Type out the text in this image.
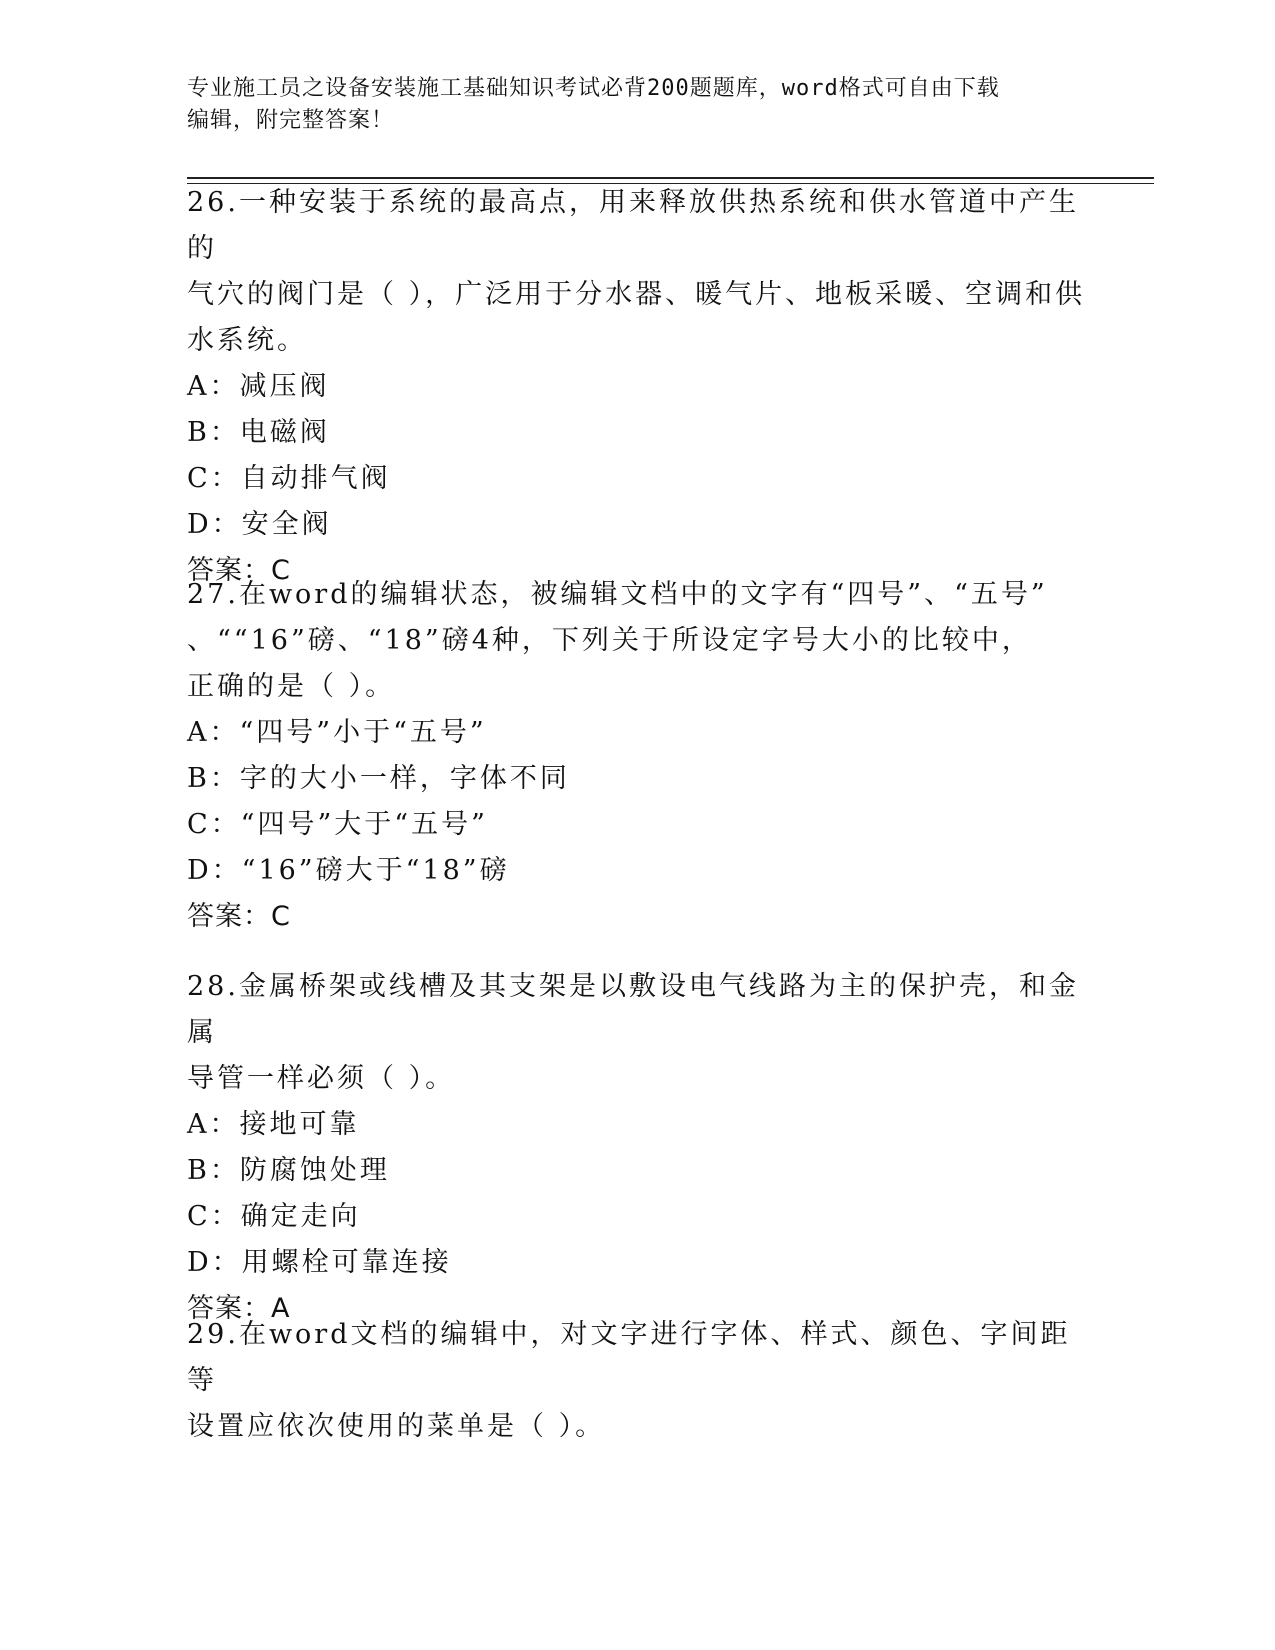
专业施工员之设备安装施工基础知识考试必背200题题库，word格式可自由下载
编辑，附完整答案！

26.一种安装于系统的最高点，用来释放供热系统和供水管道中产生的

气穴的阀门是（ ），广泛用于分水器、暖气片、地板采暖、空调和供

水系统。

A：减压阀

B：电磁阀

C：自动排气阀

D：安全阀

答案：C

27.在word的编辑状态，被编辑文档中的文字有“四号”、“五号”

、““16”磅、“18”磅4种，下列关于所设定字号大小的比较中，

正确的是（ ）。

A：“四号”小于“五号”

B：字的大小一样，字体不同

C：“四号”大于“五号”

D：“16”磅大于“18”磅

答案：C

28.金属桥架或线槽及其支架是以敷设电气线路为主的保护壳，和金属

导管一样必须（ ）。

A：接地可靠

B：防腐蚀处理

C：确定走向

D：用螺栓可靠连接

答案：A

29.在word文档的编辑中，对文字进行字体、样式、颜色、字间距等

设置应依次使用的菜单是（ ）。
